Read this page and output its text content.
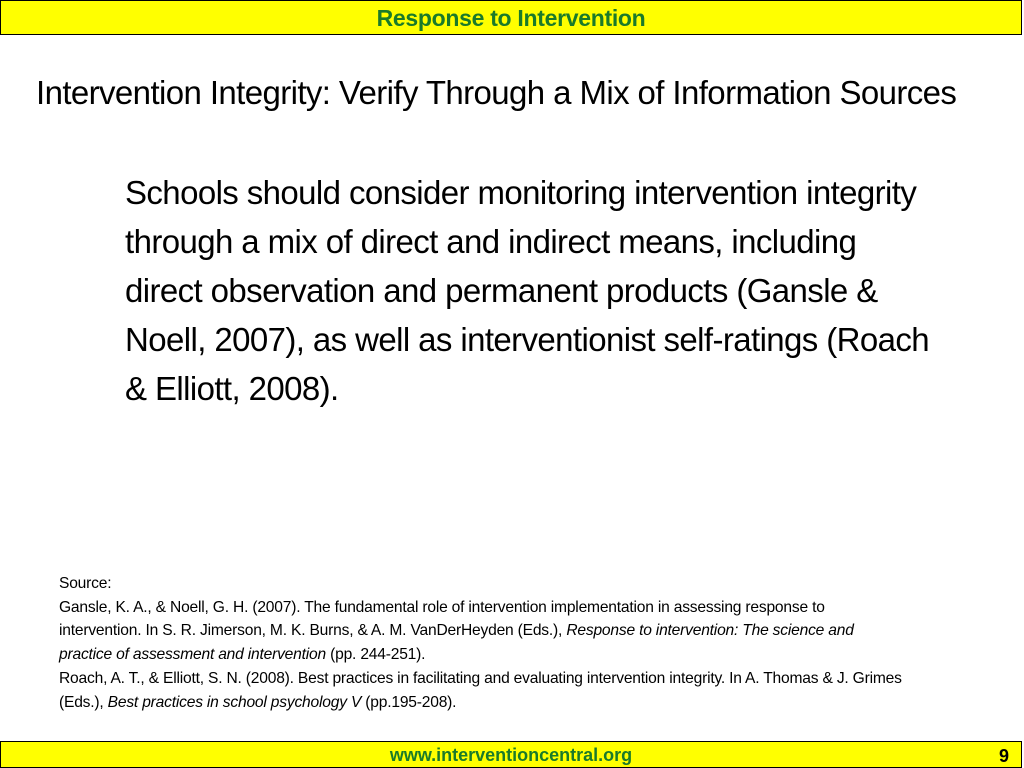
Response to Intervention
Intervention Integrity: Verify Through a Mix of Information Sources
Schools should consider monitoring intervention integrity
through a mix of direct and indirect means, including
direct observation and permanent products (Gansle &
Noell, 2007), as well as interventionist self-ratings (Roach
& Elliott, 2008).
Source:
Gansle, K. A., & Noell, G. H. (2007). The fundamental role of intervention implementation in assessing response to
intervention. In S. R. Jimerson, M. K. Burns, & A. M. VanDerHeyden (Eds.), Response to intervention: The science and
practice of assessment and intervention (pp. 244-251).
Roach, A. T., & Elliott, S. N. (2008). Best practices in facilitating and evaluating intervention integrity. In A. Thomas & J. Grimes
(Eds.), Best practices in school psychology V (pp.195-208).
www.interventioncentral.org	9
